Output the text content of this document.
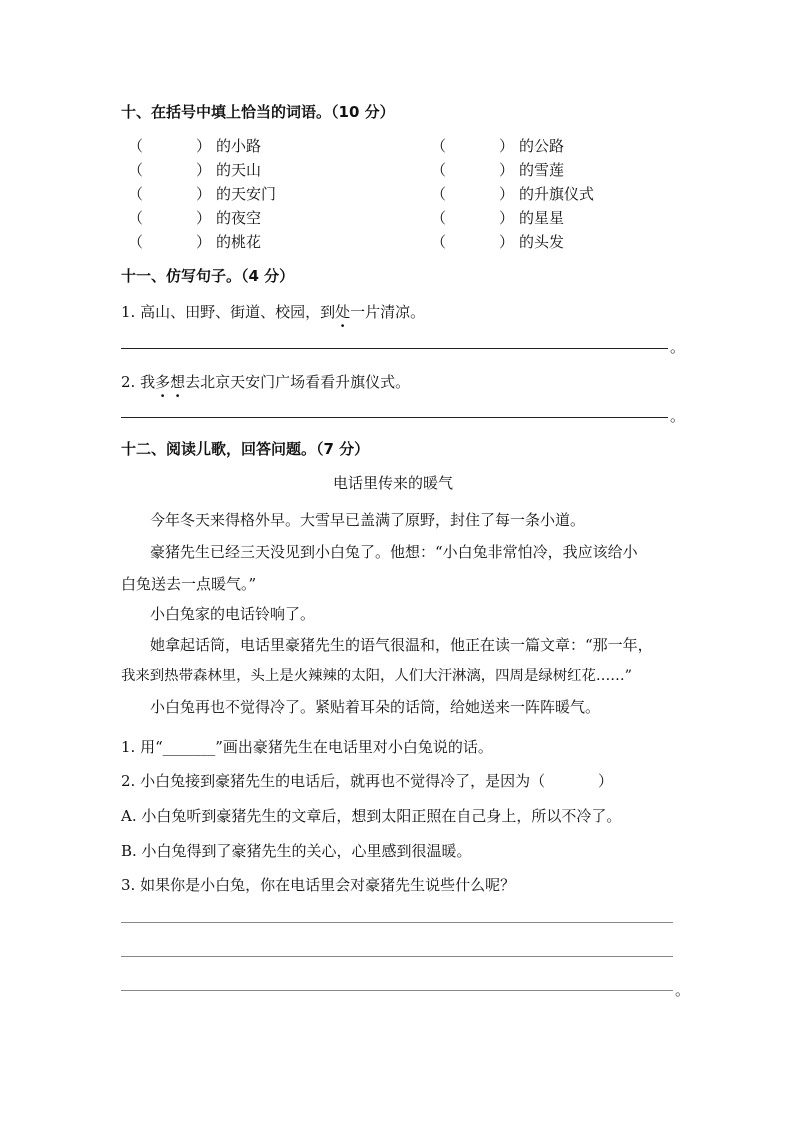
十、在括号中填上恰当的词语。（10 分）
（	） 的小路	（	） 的公路
（	） 的天山	（	） 的雪莲
（	） 的天安门	（	） 的升旗仪式
（	） 的夜空	（	） 的星星
（	） 的桃花	（	） 的头发
十一、仿写句子。（4 分）
1. 高山、田野、街道、校园，到处一片清凉。
。
2. 我多想去北京天安门广场看看升旗仪式。
。
十二、阅读儿歌，回答问题。（7 分）
电话里传来的暖气
今年冬天来得格外早。大雪早已盖满了原野，封住了每一条小道。
豪猪先生已经三天没见到小白兔了。他想：“小白兔非常怕冷，我应该给小
白兔送去一点暖气。”
小白兔家的电话铃响了。
她拿起话筒，电话里豪猪先生的语气很温和，他正在读一篇文章：“那一年，
我来到热带森林里，头上是火辣辣的太阳，人们大汗淋漓，四周是绿树红花……”
小白兔再也不觉得冷了。紧贴着耳朵的话筒，给她送来一阵阵暖气。
1. 用“_______”画出豪猪先生在电话里对小白兔说的话。
2. 小白兔接到豪猪先生的电话后，就再也不觉得冷了，是因为（	）
A. 小白兔听到豪猪先生的文章后，想到太阳正照在自己身上，所以不冷了。
B. 小白兔得到了豪猪先生的关心，心里感到很温暖。
3. 如果你是小白兔，你在电话里会对豪猪先生说些什么呢？
。
